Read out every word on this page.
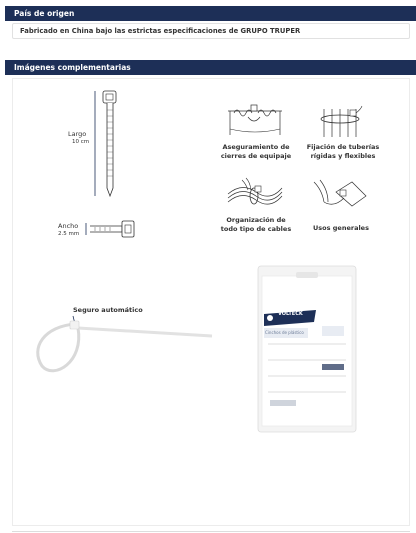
País de origen
Fabricado en China bajo las estrictas especificaciones de GRUPO TRUPER
Imágenes complementarias
Largo
10 cm
Ancho
2.5 mm
Aseguramiento de cierres de equipaje
Fijación de tuberías rígidas y flexibles
Organización de todo tipo de cables	Usos generales
Seguro automático	VOLTECK
Cinchos de plástico
